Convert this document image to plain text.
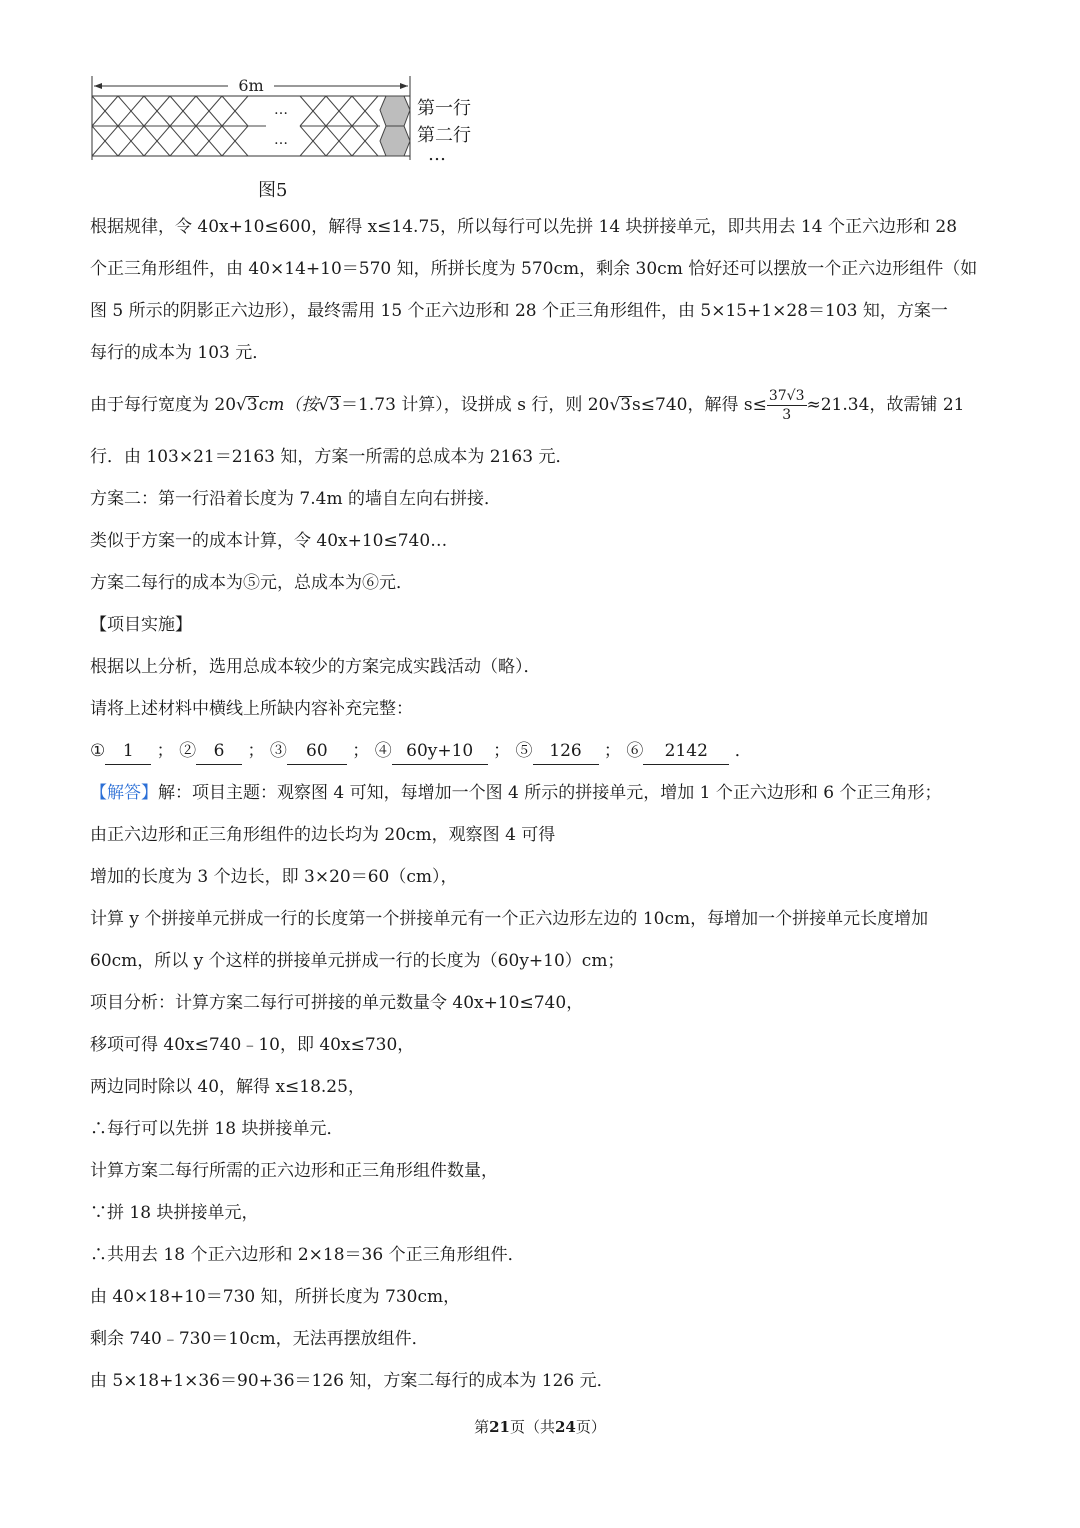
6m
…
…
第一行
第二行
…
图5
根据规律，令 40x+10≤600，解得 x≤14.75，所以每行可以先拼 14 块拼接单元，即共用去 14 个正六边形和 28
个正三角形组件，由 40×14+10＝570 知，所拼长度为 570cm，剩余 30cm 恰好还可以摆放一个正六边形组件（如
图 5 所示的阴影正六边形），最终需用 15 个正六边形和 28 个正三角形组件，由 5×15+1×28＝103 知，方案一
每行的成本为 103 元．
由于每行宽度为 20√3cm（按√3＝1.73 计算），设拼成 s 行，则 20√3s≤740，解得 $s\le \frac{37√3}{3} \approx 21.34$，故需铺 21
行．由 103×21＝2163 知，方案一所需的总成本为 2163 元．
方案二：第一行沿着长度为 7.4m 的墙自左向右拼接．
类似于方案一的成本计算，令 40x+10≤740…
方案二每行的成本为⑤元，总成本为⑥元．
【项目实施】
根据以上分析，选用总成本较少的方案完成实践活动（略）．
请将上述材料中横线上所缺内容补充完整：
① 1 ； ② 6 ； ③ 60 ； ④ 60y+10 ； ⑤ 126 ； ⑥ 2142 ．
【解答】解：项目主题：观察图 4 可知，每增加一个图 4 所示的拼接单元，增加 1 个正六边形和 6 个正三角形；
由正六边形和正三角形组件的边长均为 20cm，观察图 4 可得
增加的长度为 3 个边长，即 3×20＝60（cm），
计算 y 个拼接单元拼成一行的长度第一个拼接单元有一个正六边形左边的 10cm，每增加一个拼接单元长度增加
60cm，所以 y 个这样的拼接单元拼成一行的长度为（60y+10）cm；
项目分析：计算方案二每行可拼接的单元数量令 40x+10≤740，
移项可得 40x≤740﹣10，即 40x≤730，
两边同时除以 40，解得 x≤18.25，
∴每行可以先拼 18 块拼接单元．
计算方案二每行所需的正六边形和正三角形组件数量，
∵拼 18 块拼接单元，
∴共用去 18 个正六边形和 2×18＝36 个正三角形组件．
由 40×18+10＝730 知，所拼长度为 730cm，
剩余 740﹣730＝10cm，无法再摆放组件．
由 5×18+1×36＝90+36＝126 知，方案二每行的成本为 126 元．
第21页（共24页）
